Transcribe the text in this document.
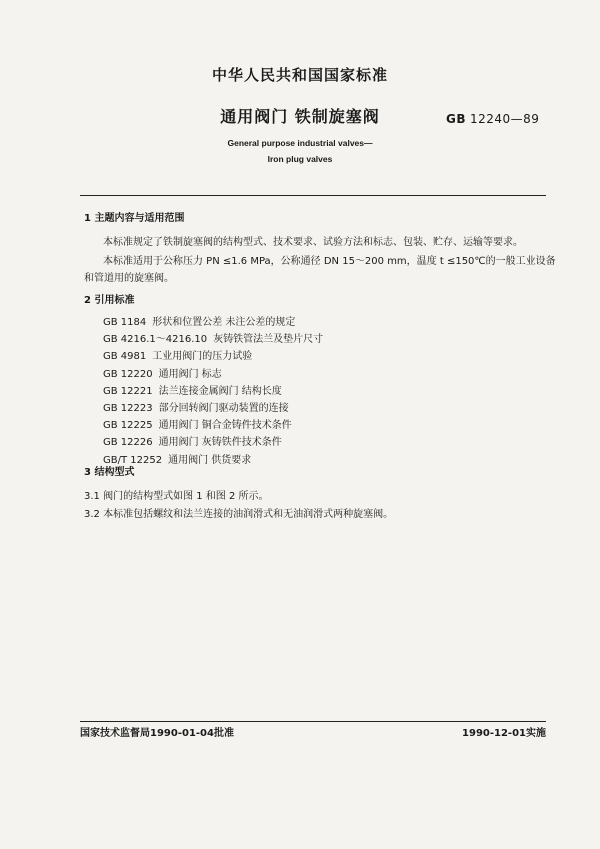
中华人民共和国国家标准
通用阀门 铁制旋塞阀	GB 12240—89
General purpose industrial valves—
Iron plug valves
1 主题内容与适用范围
本标准规定了铁制旋塞阀的结构型式、技术要求、试验方法和标志、包装、贮存、运输等要求。
本标准适用于公称压力 PN ≤1.6 MPa，公称通径 DN 15～200 mm，温度 t ≤150℃的一般工业设备
和管道用的旋塞阀。
2 引用标准
GB 1184 形状和位置公差 未注公差的规定
GB 4216.1～4216.10 灰铸铁管法兰及垫片尺寸
GB 4981 工业用阀门的压力试验
GB 12220 通用阀门 标志
GB 12221 法兰连接金属阀门 结构长度
GB 12223 部分回转阀门驱动装置的连接
GB 12225 通用阀门 铜合金铸件技术条件
GB 12226 通用阀门 灰铸铁件技术条件
GB/T 12252 通用阀门 供货要求
3 结构型式
3.1 阀门的结构型式如图 1 和图 2 所示。
3.2 本标准包括螺纹和法兰连接的油润滑式和无油润滑式两种旋塞阀。
国家技术监督局1990-01-04批准	1990-12-01实施
